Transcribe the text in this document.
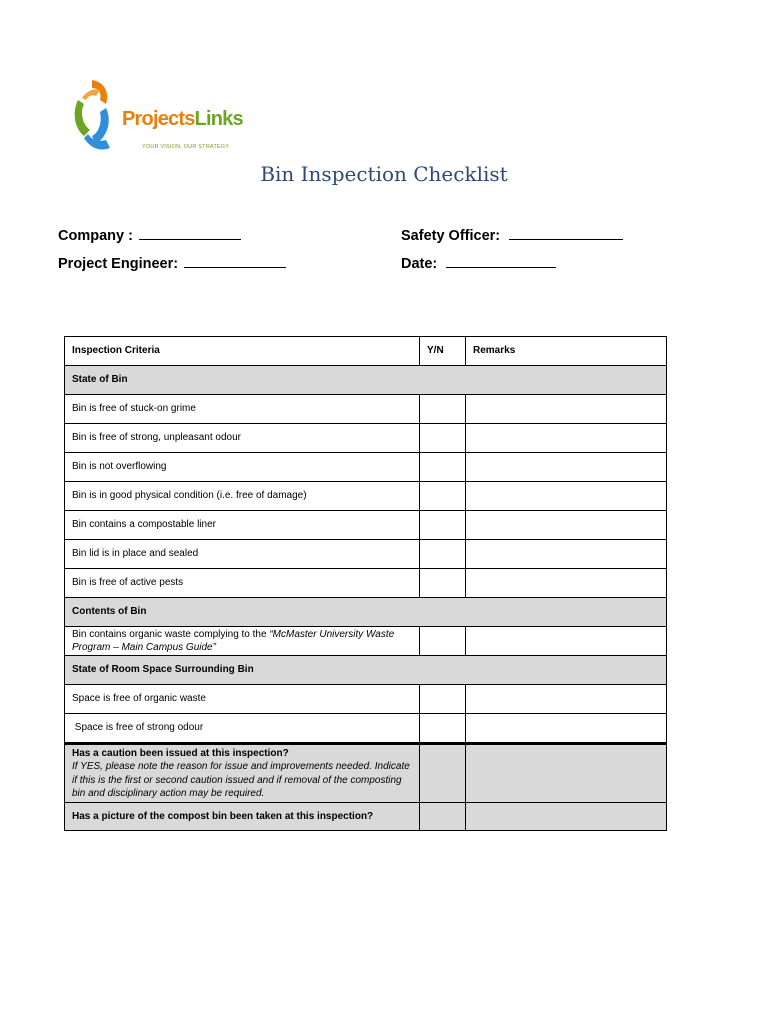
ProjectsLinks
YOUR VISION, OUR STRATEGY
Bin Inspection Checklist
Company :	Safety Officer:
Project Engineer:	Date:
Inspection Criteria	Y/N	Remarks
State of Bin		
Bin is free of stuck-on grime		
Bin is free of strong, unpleasant odour		
Bin is not overflowing		
Bin is in good physical condition (i.e. free of damage)		
Bin contains a compostable liner		
Bin lid is in place and sealed		
Bin is free of active pests		
Contents of Bin		
Bin contains organic waste complying to the “McMaster University Waste Program – Main Campus Guide”		
State of Room Space Surrounding Bin		
Space is free of organic waste		
Space is free of strong odour		

Has a caution been issued at this inspection?
If YES, please note the reason for issue and improvements needed. Indicate if this is the first or second caution issued and if removal of the composting bin and disciplinary action may be required.		

Has a picture of the compost bin been taken at this inspection?		
